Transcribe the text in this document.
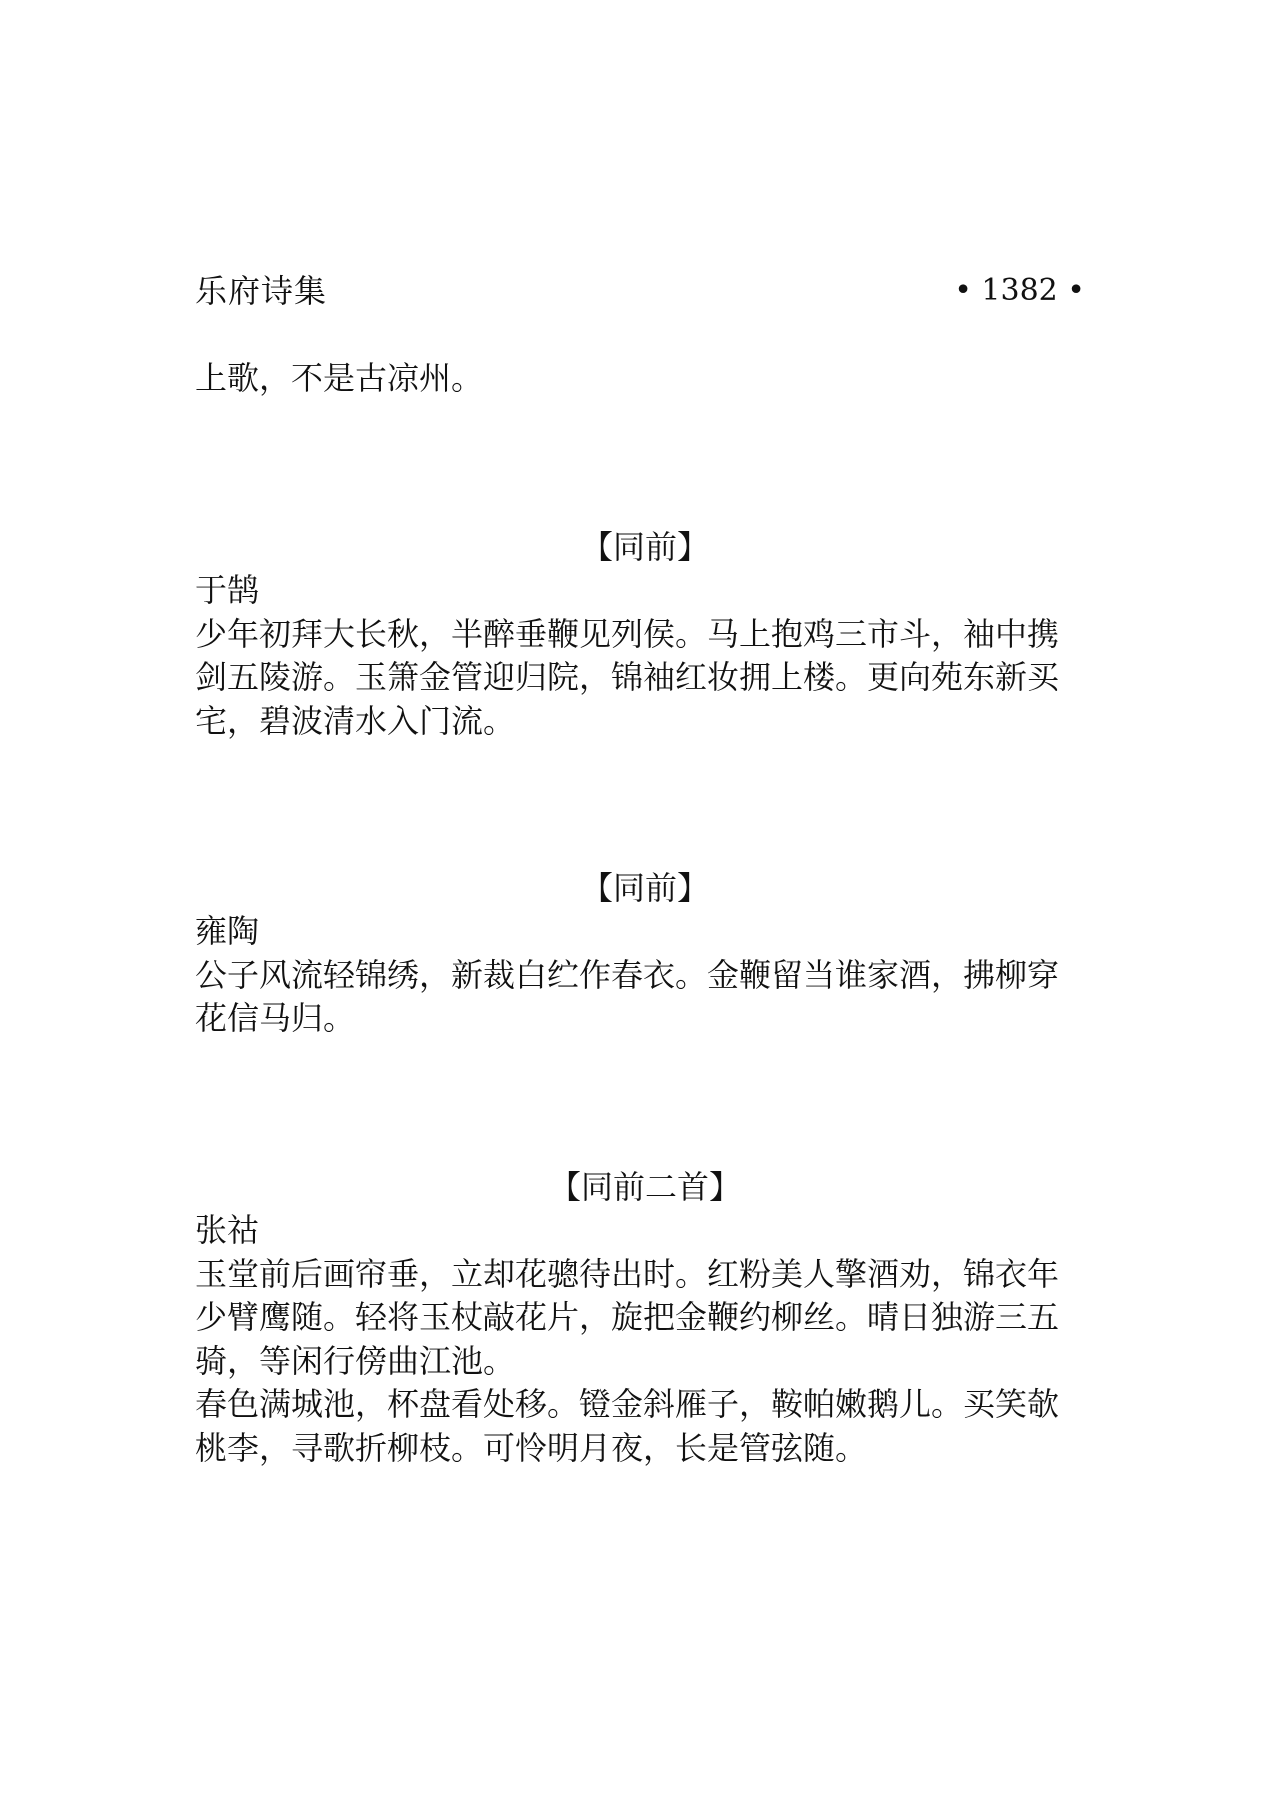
乐府诗集	• 1382 •
上歌，不是古凉州。
【同前】
于鹄
少年初拜大长秋，半醉垂鞭见列侯。马上抱鸡三市斗，袖中携
剑五陵游。玉箫金管迎归院，锦袖红妆拥上楼。更向苑东新买
宅，碧波清水入门流。
【同前】
雍陶
公子风流轻锦绣，新裁白纻作春衣。金鞭留当谁家酒，拂柳穿
花信马归。
【同前二首】
张祜
玉堂前后画帘垂，立却花骢待出时。红粉美人擎酒劝，锦衣年
少臂鹰随。轻将玉杖敲花片，旋把金鞭约柳丝。晴日独游三五
骑，等闲行傍曲江池。
春色满城池，杯盘看处移。镫金斜雁子，鞍帕嫩鹅儿。买笑欹
桃李，寻歌折柳枝。可怜明月夜，长是管弦随。
